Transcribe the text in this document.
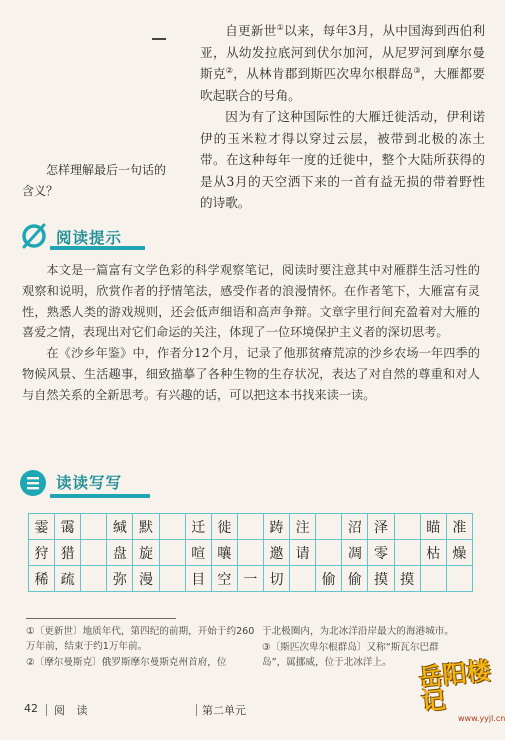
自更新世①以来，每年3月，从中国海到西伯利亚，从幼发拉底河到伏尔加河，从尼罗河到摩尔曼斯克②，从林肯郡到斯匹次卑尔根群岛③，大雁都要吹起联合的号角。

因为有了这种国际性的大雁迁徙活动，伊利诺伊的玉米粒才得以穿过云层，被带到北极的冻土带。在这种每年一度的迁徙中，整个大陆所获得的是从3月的天空洒下来的一首有益无损的带着野性的诗歌。

怎样理解最后一句话的含义？
阅读提示

本文是一篇富有文学色彩的科学观察笔记，阅读时要注意其中对雁群生活习性的观察和说明，欣赏作者的抒情笔法，感受作者的浪漫情怀。在作者笔下，大雁富有灵性，熟悉人类的游戏规则，还会低声细语和高声争辩。文章字里行间充盈着对大雁的喜爱之情，表现出对它们命运的关注，体现了一位环境保护主义者的深切思考。

在《沙乡年鉴》中，作者分12个月，记录了他那贫瘠荒凉的沙乡农场一年四季的物候风景、生活趣事，细致描摹了各种生物的生存状况，表达了对自然的尊重和对人与自然关系的全新思考。有兴趣的话，可以把这本书找来读一读。

读读写写
霎	霭		缄	默		迁	徙		踌	注		沼	泽		瞄	准
狩	猎		盘	旋		喧	嚷		邀	请		凋	零		枯	燥
稀	疏		弥	漫		目	空	一	切		偷	偷	摸	摸		

①〔更新世〕地质年代，第四纪的前期，开始于约260万年前，结束于约1万年前。

②〔摩尔曼斯克〕俄罗斯摩尔曼斯克州首府，位

于北极圈内，为北冰洋沿岸最大的海港城市。

③〔斯匹次卑尔根群岛〕又称“斯瓦尔巴群岛”，属挪威，位于北冰洋上。

42 阅 读	第二单元
岳阳楼记
www.yyjl.cn
